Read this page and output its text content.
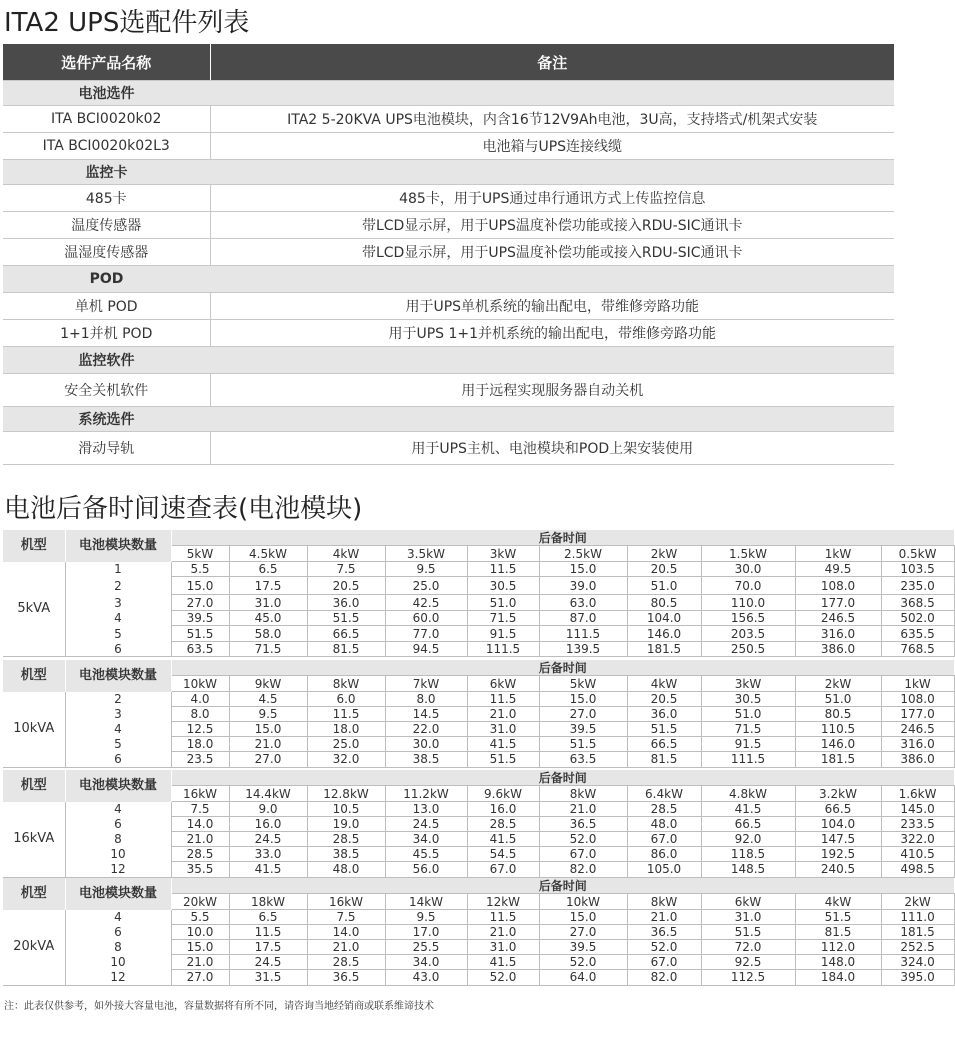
ITA2 UPS选配件列表
选件产品名称	备注
电池选件	
ITA BCI0020k02	ITA2 5-20KVA UPS电池模块，内含16节12V9Ah电池，3U高，支持塔式/机架式安装
ITA BCI0020k02L3	电池箱与UPS连接线缆
监控卡	
485卡	485卡，用于UPS通过串行通讯方式上传监控信息
温度传感器	带LCD显示屏，用于UPS温度补偿功能或接入RDU-SIC通讯卡
温湿度传感器	带LCD显示屏，用于UPS温度补偿功能或接入RDU-SIC通讯卡
POD	
单机 POD	用于UPS单机系统的输出配电，带维修旁路功能
1+1并机 POD	用于UPS 1+1并机系统的输出配电，带维修旁路功能
监控软件	
安全关机软件	用于远程实现服务器自动关机
系统选件	
滑动导轨	用于UPS主机、电池模块和POD上架安装使用
电池后备时间速查表(电池模块)
机型	电池模块数量	后备时间									
		5kW	4.5kW	4kW	3.5kW	3kW	2.5kW	2kW	1.5kW	1kW	0.5kW
5kVA	1	5.5	6.5	7.5	9.5	11.5	15.0	20.5	30.0	49.5	103.5
	2	15.0	17.5	20.5	25.0	30.5	39.0	51.0	70.0	108.0	235.0
	3	27.0	31.0	36.0	42.5	51.0	63.0	80.5	110.0	177.0	368.5
	4	39.5	45.0	51.5	60.0	71.5	87.0	104.0	156.5	246.5	502.0
	5	51.5	58.0	66.5	77.0	91.5	111.5	146.0	203.5	316.0	635.5
	6	63.5	71.5	81.5	94.5	111.5	139.5	181.5	250.5	386.0	768.5
机型	电池模块数量	后备时间									
		10kW	9kW	8kW	7kW	6kW	5kW	4kW	3kW	2kW	1kW
10kVA	2	4.0	4.5	6.0	8.0	11.5	15.0	20.5	30.5	51.0	108.0
	3	8.0	9.5	11.5	14.5	21.0	27.0	36.0	51.0	80.5	177.0
	4	12.5	15.0	18.0	22.0	31.0	39.5	51.5	71.5	110.5	246.5
	5	18.0	21.0	25.0	30.0	41.5	51.5	66.5	91.5	146.0	316.0
	6	23.5	27.0	32.0	38.5	51.5	63.5	81.5	111.5	181.5	386.0
机型	电池模块数量	后备时间									
		16kW	14.4kW	12.8kW	11.2kW	9.6kW	8kW	6.4kW	4.8kW	3.2kW	1.6kW
16kVA	4	7.5	9.0	10.5	13.0	16.0	21.0	28.5	41.5	66.5	145.0
	6	14.0	16.0	19.0	24.5	28.5	36.5	48.0	66.5	104.0	233.5
	8	21.0	24.5	28.5	34.0	41.5	52.0	67.0	92.0	147.5	322.0
	10	28.5	33.0	38.5	45.5	54.5	67.0	86.0	118.5	192.5	410.5
	12	35.5	41.5	48.0	56.0	67.0	82.0	105.0	148.5	240.5	498.5
机型	电池模块数量	后备时间									
		20kW	18kW	16kW	14kW	12kW	10kW	8kW	6kW	4kW	2kW
20kVA	4	5.5	6.5	7.5	9.5	11.5	15.0	21.0	31.0	51.5	111.0
	6	10.0	11.5	14.0	17.0	21.0	27.0	36.5	51.5	81.5	181.5
	8	15.0	17.5	21.0	25.5	31.0	39.5	52.0	72.0	112.0	252.5
	10	21.0	24.5	28.5	34.0	41.5	52.0	67.0	92.5	148.0	324.0
	12	27.0	31.5	36.5	43.0	52.0	64.0	82.0	112.5	184.0	395.0
注：此表仅供参考，如外接大容量电池，容量数据将有所不同，请咨询当地经销商或联系维谛技术
